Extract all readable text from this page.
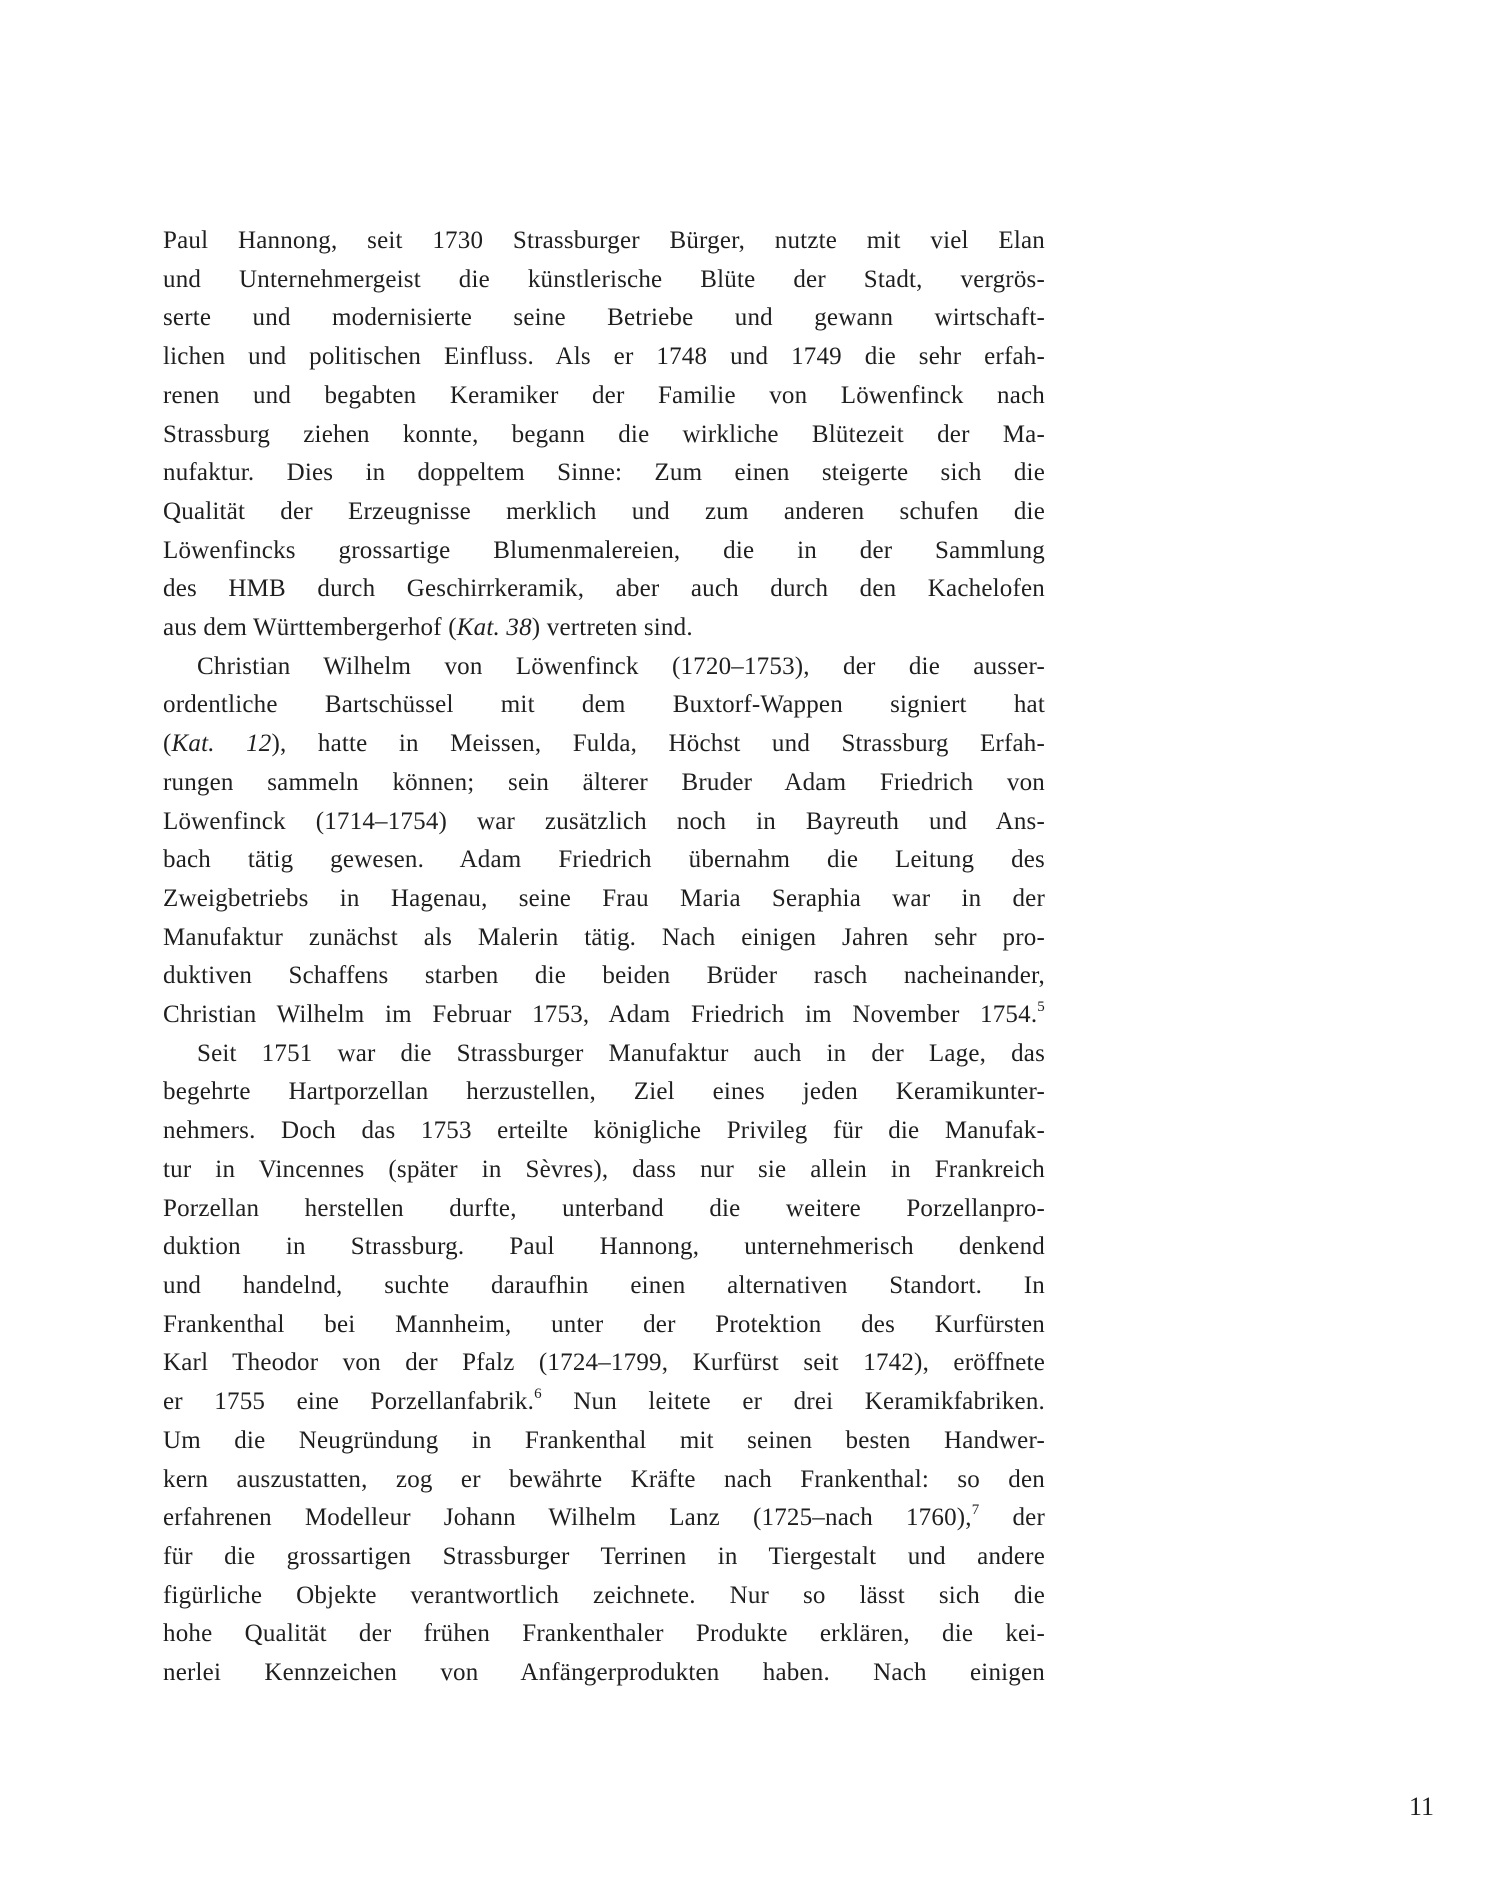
Paul Hannong, seit 1730 Strassburger Bürger, nutzte mit viel Elan
und Unternehmergeist die künstlerische Blüte der Stadt, vergrös-
serte und modernisierte seine Betriebe und gewann wirtschaft-
lichen und politischen Einfluss. Als er 1748 und 1749 die sehr erfah-
renen und begabten Keramiker der Familie von Löwenfinck nach
Strassburg ziehen konnte, begann die wirkliche Blütezeit der Ma-
nufaktur. Dies in doppeltem Sinne: Zum einen steigerte sich die
Qualität der Erzeugnisse merklich und zum anderen schufen die
Löwenfincks grossartige Blumenmalereien, die in der Sammlung
des HMB durch Geschirrkeramik, aber auch durch den Kachelofen
aus dem Württembergerhof (Kat. 38) vertreten sind.
Christian Wilhelm von Löwenfinck (1720–1753), der die ausser-
ordentliche Bartschüssel mit dem Buxtorf-Wappen signiert hat
(Kat. 12), hatte in Meissen, Fulda, Höchst und Strassburg Erfah-
rungen sammeln können; sein älterer Bruder Adam Friedrich von
Löwenfinck (1714–1754) war zusätzlich noch in Bayreuth und Ans-
bach tätig gewesen. Adam Friedrich übernahm die Leitung des
Zweigbetriebs in Hagenau, seine Frau Maria Seraphia war in der
Manufaktur zunächst als Malerin tätig. Nach einigen Jahren sehr pro-
duktiven Schaffens starben die beiden Brüder rasch nacheinander,
Christian Wilhelm im Februar 1753, Adam Friedrich im November 1754.$^5$
Seit 1751 war die Strassburger Manufaktur auch in der Lage, das
begehrte Hartporzellan herzustellen, Ziel eines jeden Keramikunter-
nehmers. Doch das 1753 erteilte königliche Privileg für die Manufak-
tur in Vincennes (später in Sèvres), dass nur sie allein in Frankreich
Porzellan herstellen durfte, unterband die weitere Porzellanpro-
duktion in Strassburg. Paul Hannong, unternehmerisch denkend
und handelnd, suchte daraufhin einen alternativen Standort. In
Frankenthal bei Mannheim, unter der Protektion des Kurfürsten
Karl Theodor von der Pfalz (1724–1799, Kurfürst seit 1742), eröffnete
er 1755 eine Porzellanfabrik.$^6$ Nun leitete er drei Keramikfabriken.
Um die Neugründung in Frankenthal mit seinen besten Handwer-
kern auszustatten, zog er bewährte Kräfte nach Frankenthal: so den
erfahrenen Modelleur Johann Wilhelm Lanz (1725–nach 1760),$^7$ der
für die grossartigen Strassburger Terrinen in Tiergestalt und andere
figürliche Objekte verantwortlich zeichnete. Nur so lässt sich die
hohe Qualität der frühen Frankenthaler Produkte erklären, die kei-
nerlei Kennzeichen von Anfängerprodukten haben. Nach einigen
11
